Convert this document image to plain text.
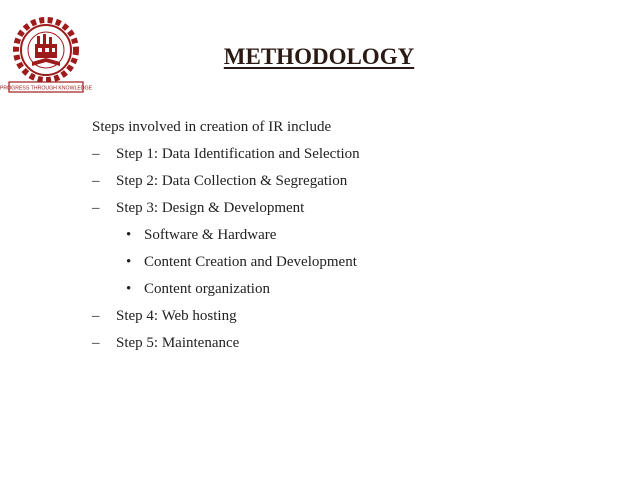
PROGRESS THROUGH KNOWLEDGE
METHODOLOGY

Steps involved in creation of IR include

–	Step 1: Data Identification and Selection
–	Step 2: Data Collection & Segregation
–	Step 3: Design & Development
• Software & Hardware
• Content Creation and Development
• Content organization
–	Step 4: Web hosting
–	Step 5: Maintenance
